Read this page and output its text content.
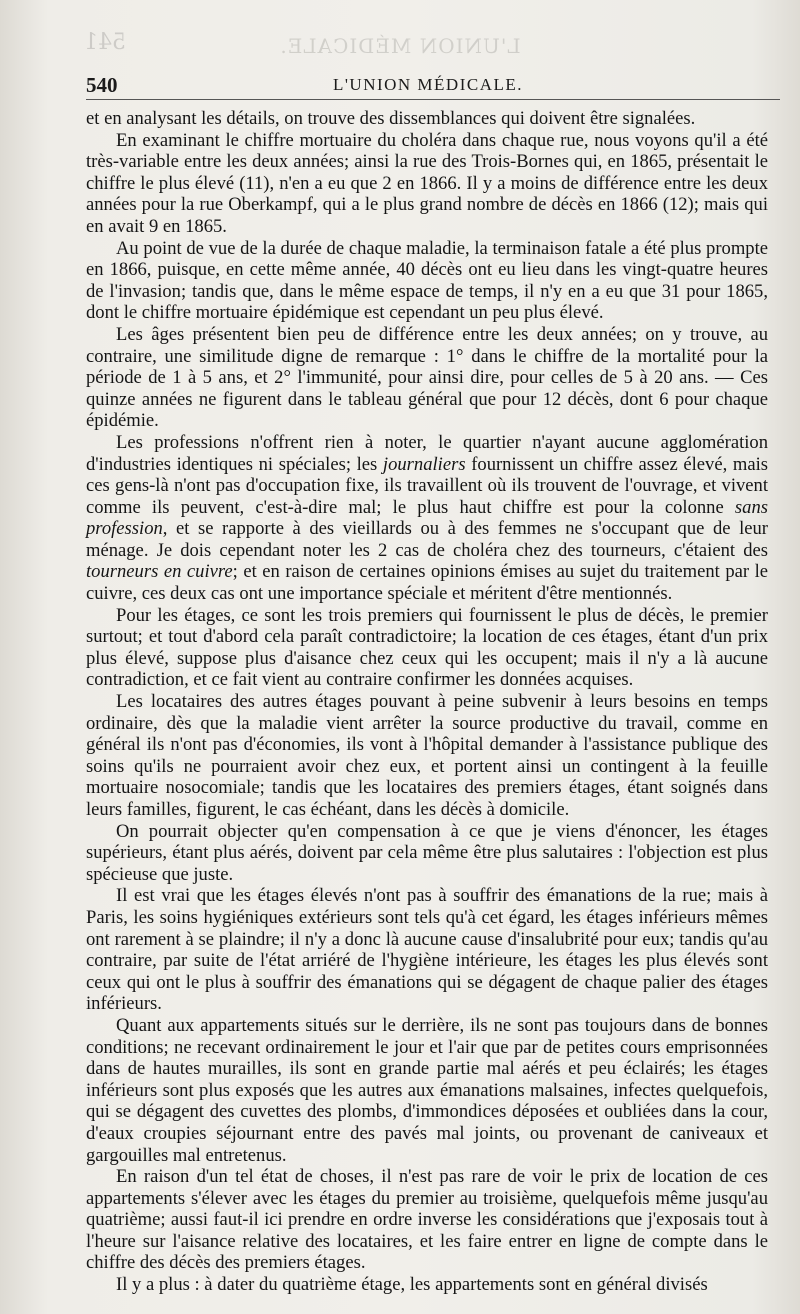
L'UNION MÉDICALE.
541
540	L'UNION MÉDICALE.

et en analysant les détails, on trouve des dissemblances qui doivent être signalées.

En examinant le chiffre mortuaire du choléra dans chaque rue, nous voyons qu'il a été très-variable entre les deux années; ainsi la rue des Trois-Bornes qui, en 1865, présentait le chiffre le plus élevé (11), n'en a eu que 2 en 1866. Il y a moins de différence entre les deux années pour la rue Oberkampf, qui a le plus grand nombre de décès en 1866 (12); mais qui en avait 9 en 1865.

Au point de vue de la durée de chaque maladie, la terminaison fatale a été plus prompte en 1866, puisque, en cette même année, 40 décès ont eu lieu dans les vingt-quatre heures de l'invasion; tandis que, dans le même espace de temps, il n'y en a eu que 31 pour 1865, dont le chiffre mortuaire épidémique est cependant un peu plus élevé.

Les âges présentent bien peu de différence entre les deux années; on y trouve, au contraire, une similitude digne de remarque : 1° dans le chiffre de la mortalité pour la période de 1 à 5 ans, et 2° l'immunité, pour ainsi dire, pour celles de 5 à 20 ans. — Ces quinze années ne figurent dans le tableau général que pour 12 décès, dont 6 pour chaque épidémie.

Les professions n'offrent rien à noter, le quartier n'ayant aucune agglomération d'industries identiques ni spéciales; les journaliers fournissent un chiffre assez élevé, mais ces gens-là n'ont pas d'occupation fixe, ils travaillent où ils trouvent de l'ouvrage, et vivent comme ils peuvent, c'est-à-dire mal; le plus haut chiffre est pour la colonne sans profession, et se rapporte à des vieillards ou à des femmes ne s'occupant que de leur ménage. Je dois cependant noter les 2 cas de choléra chez des tourneurs, c'étaient des tourneurs en cuivre; et en raison de certaines opinions émises au sujet du traitement par le cuivre, ces deux cas ont une importance spéciale et méritent d'être mentionnés.

Pour les étages, ce sont les trois premiers qui fournissent le plus de décès, le premier surtout; et tout d'abord cela paraît contradictoire; la location de ces étages, étant d'un prix plus élevé, suppose plus d'aisance chez ceux qui les occupent; mais il n'y a là aucune contradiction, et ce fait vient au contraire confirmer les données acquises.

Les locataires des autres étages pouvant à peine subvenir à leurs besoins en temps ordinaire, dès que la maladie vient arrêter la source productive du travail, comme en général ils n'ont pas d'économies, ils vont à l'hôpital demander à l'assistance publique des soins qu'ils ne pourraient avoir chez eux, et portent ainsi un contingent à la feuille mortuaire nosocomiale; tandis que les locataires des premiers étages, étant soignés dans leurs familles, figurent, le cas échéant, dans les décès à domicile.

On pourrait objecter qu'en compensation à ce que je viens d'énoncer, les étages supérieurs, étant plus aérés, doivent par cela même être plus salutaires : l'objection est plus spécieuse que juste.

Il est vrai que les étages élevés n'ont pas à souffrir des émanations de la rue; mais à Paris, les soins hygiéniques extérieurs sont tels qu'à cet égard, les étages inférieurs mêmes ont rarement à se plaindre; il n'y a donc là aucune cause d'insalubrité pour eux; tandis qu'au contraire, par suite de l'état arriéré de l'hygiène intérieure, les étages les plus élevés sont ceux qui ont le plus à souffrir des émanations qui se dégagent de chaque palier des étages inférieurs.

Quant aux appartements situés sur le derrière, ils ne sont pas toujours dans de bonnes conditions; ne recevant ordinairement le jour et l'air que par de petites cours emprisonnées dans de hautes murailles, ils sont en grande partie mal aérés et peu éclairés; les étages inférieurs sont plus exposés que les autres aux émanations malsaines, infectes quelquefois, qui se dégagent des cuvettes des plombs, d'immondices déposées et oubliées dans la cour, d'eaux croupies séjournant entre des pavés mal joints, ou provenant de caniveaux et gargouilles mal entretenus.

En raison d'un tel état de choses, il n'est pas rare de voir le prix de location de ces appartements s'élever avec les étages du premier au troisième, quelquefois même jusqu'au quatrième; aussi faut-il ici prendre en ordre inverse les considérations que j'exposais tout à l'heure sur l'aisance relative des locataires, et les faire entrer en ligne de compte dans le chiffre des décès des premiers étages.

Il y a plus : à dater du quatrième étage, les appartements sont en général divisés
